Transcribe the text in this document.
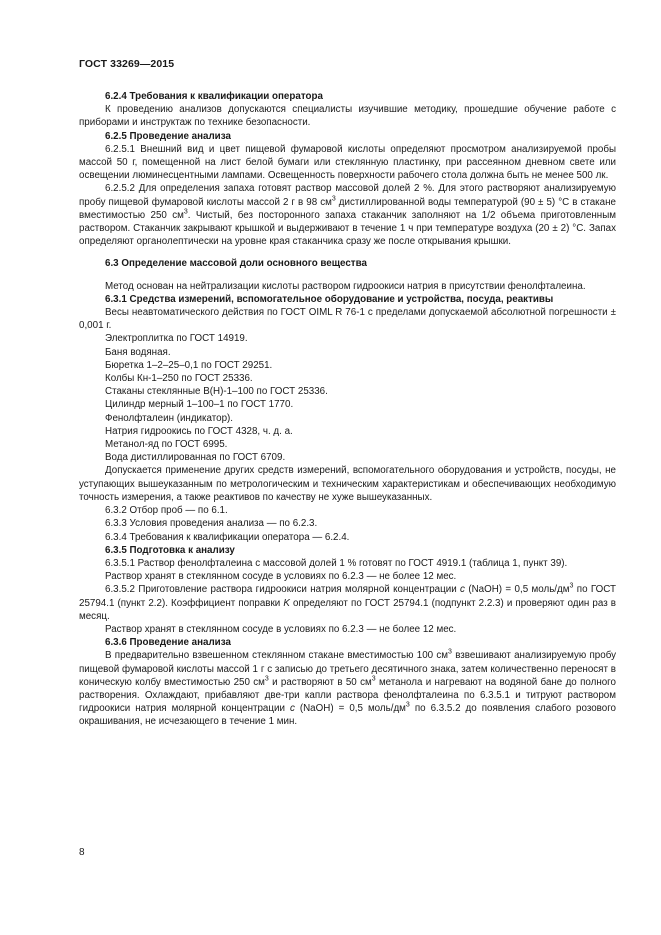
ГОСТ 33269—2015

6.2.4 Требования к квалификации оператора

К проведению анализов допускаются специалисты изучившие методику, прошедшие обучение работе с приборами и инструктаж по технике безопасности.

6.2.5 Проведение анализа

6.2.5.1 Внешний вид и цвет пищевой фумаровой кислоты определяют просмотром анализируемой пробы массой 50 г, помещенной на лист белой бумаги или стеклянную пластинку, при рассеянном дневном свете или освещении люминесцентными лампами. Освещенность поверхности рабочего стола должна быть не менее 500 лк.

6.2.5.2 Для определения запаха готовят раствор массовой долей 2 %. Для этого растворяют анализируемую пробу пищевой фумаровой кислоты массой 2 г в 98 $см^3$ дистиллированной воды температурой (90 ± 5) °С в стакане вместимостью 250 $см^3$. Чистый, без посторонного запаха стаканчик заполняют на 1/2 объема приготовленным раствором. Стаканчик закрывают крышкой и выдерживают в течение 1 ч при температуре воздуха (20 ± 2) °С. Запах определяют органолептически на уровне края стаканчика сразу же после открывания крышки.

6.3 Определение массовой доли основного вещества

Метод основан на нейтрализации кислоты раствором гидроокиси натрия в присутствии фенолфталеина.

6.3.1 Средства измерений, вспомогательное оборудование и устройства, посуда, реактивы

Весы неавтоматического действия по ГОСТ OIML R 76-1 с пределами допускаемой абсолютной погрешности ± 0,001 г.

Электроплитка по ГОСТ 14919.

Баня водяная.

Бюретка 1–2–25–0,1 по ГОСТ 29251.

Колбы Кн-1–250 по ГОСТ 25336.

Стаканы стеклянные В(Н)-1–100 по ГОСТ 25336.

Цилиндр мерный 1–100–1 по ГОСТ 1770.

Фенолфталеин (индикатор).

Натрия гидроокись по ГОСТ 4328, ч. д. а.

Метанол-яд по ГОСТ 6995.

Вода дистиллированная по ГОСТ 6709.

Допускается применение других средств измерений, вспомогательного оборудования и устройств, посуды, не уступающих вышеуказанным по метрологическим и техническим характеристикам и обеспечивающих необходимую точность измерения, а также реактивов по качеству не хуже вышеуказанных.

6.3.2 Отбор проб — по 6.1.

6.3.3 Условия проведения анализа — по 6.2.3.

6.3.4 Требования к квалификации оператора — 6.2.4.

6.3.5 Подготовка к анализу

6.3.5.1 Раствор фенолфталеина с массовой долей 1 % готовят по ГОСТ 4919.1 (таблица 1, пункт 39).

Раствор хранят в стеклянном сосуде в условиях по 6.2.3 — не более 12 мес.

6.3.5.2 Приготовление раствора гидроокиси натрия молярной концентрации c (NaOH) = 0,5 моль/$дм^3$ по ГОСТ 25794.1 (пункт 2.2). Коэффициент поправки K определяют по ГОСТ 25794.1 (подпункт 2.2.3) и проверяют один раз в месяц.

Раствор хранят в стеклянном сосуде в условиях по 6.2.3 — не более 12 мес.

6.3.6 Проведение анализа

В предварительно взвешенном стеклянном стакане вместимостью 100 $см^3$ взвешивают анализируемую пробу пищевой фумаровой кислоты массой 1 г с записью до третьего десятичного знака, затем количественно переносят в коническую колбу вместимостью 250 $см^3$ и растворяют в 50 $см^3$ метанола и нагревают на водяной бане до полного растворения. Охлаждают, прибавляют две-три капли раствора фенолфталеина по 6.3.5.1 и титруют раствором гидроокиси натрия молярной концентрации c (NaOH) = 0,5 моль/$дм^3$ по 6.3.5.2 до появления слабого розового окрашивания, не исчезающего в течение 1 мин.

8
